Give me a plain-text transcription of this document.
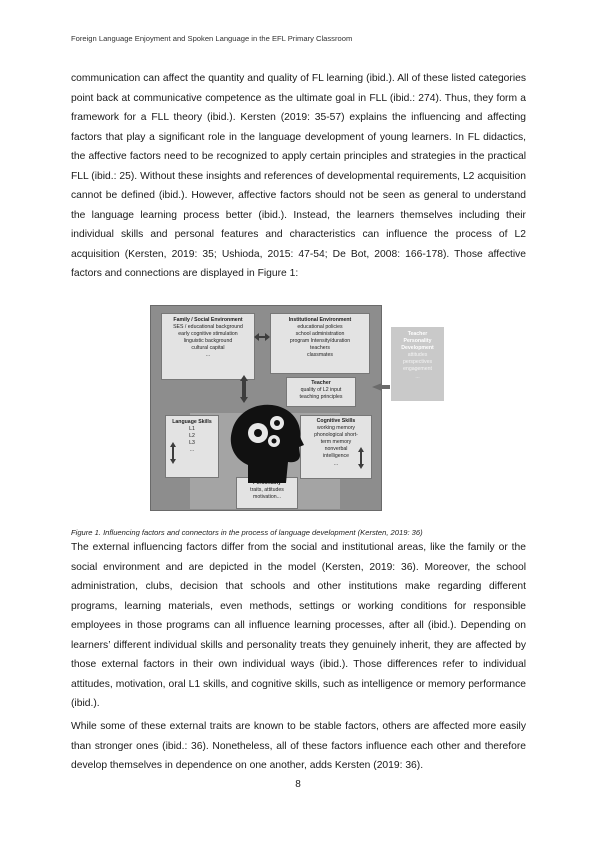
Foreign Language Enjoyment and Spoken Language in the EFL Primary Classroom

communication can affect the quantity and quality of FL learning (ibid.). All of these listed categories point back at communicative competence as the ultimate goal in FLL (ibid.: 274). Thus, they form a framework for a FLL theory (ibid.). Kersten (2019: 35-57) explains the influencing and affecting factors that play a significant role in the language development of young learners. In FL didactics, the affective factors need to be recognized to apply certain principles and strategies in the practical FLL (ibid.: 25). Without these insights and references of developmental requirements, L2 acquisition cannot be defined (ibid.). However, affective factors should not be seen as general to understand the language learning process better (ibid.). Instead, the learners themselves including their individual skills and personal features and characteristics can influence the process of L2 acquisition (Kersten, 2019: 35; Ushioda, 2015: 47-54; De Bot, 2008: 166-178). Those affective factors and connections are displayed in Figure 1:

Family / Social Environment
SES / educational background
early cognitive stimulation
linguistic background
cultural capital
...
Institutional Environment
educational policies
school administration
program Intensity/duration
teachers
classmates
Teacher
quality of L2 input
teaching principles
Language Skills
L1
L2
L3
...
Cognitive Skills
working memory
phonological short-
term memory
nonverbal
intelligence
...
traits, attitudes
motivation...
Teacher
Personality
Development
attitudes
perspectives
engagement
...
Figure 1. Influencing factors and connectors in the process of language development (Kersten, 2019: 36)

The external influencing factors differ from the social and institutional areas, like the family or the social environment and are depicted in the model (Kersten, 2019: 36). Moreover, the school administration, clubs, decision that schools and other institutions make regarding different programs, learning materials, even methods, settings or working conditions for responsible employees in those programs can all influence learning processes, after all (ibid.). Depending on learners’ different individual skills and personality treats they genuinely inherit, they are affected by those external factors in their own individual ways (ibid.). Those differences refer to individual attitudes, motivation, oral L1 skills, and cognitive skills, such as intelligence or memory performance (ibid.).

While some of these external traits are known to be stable factors, others are affected more easily than stronger ones (ibid.: 36). Nonetheless, all of these factors influence each other and therefore develop themselves in dependence on one another, adds Kersten (2019: 36).

8
